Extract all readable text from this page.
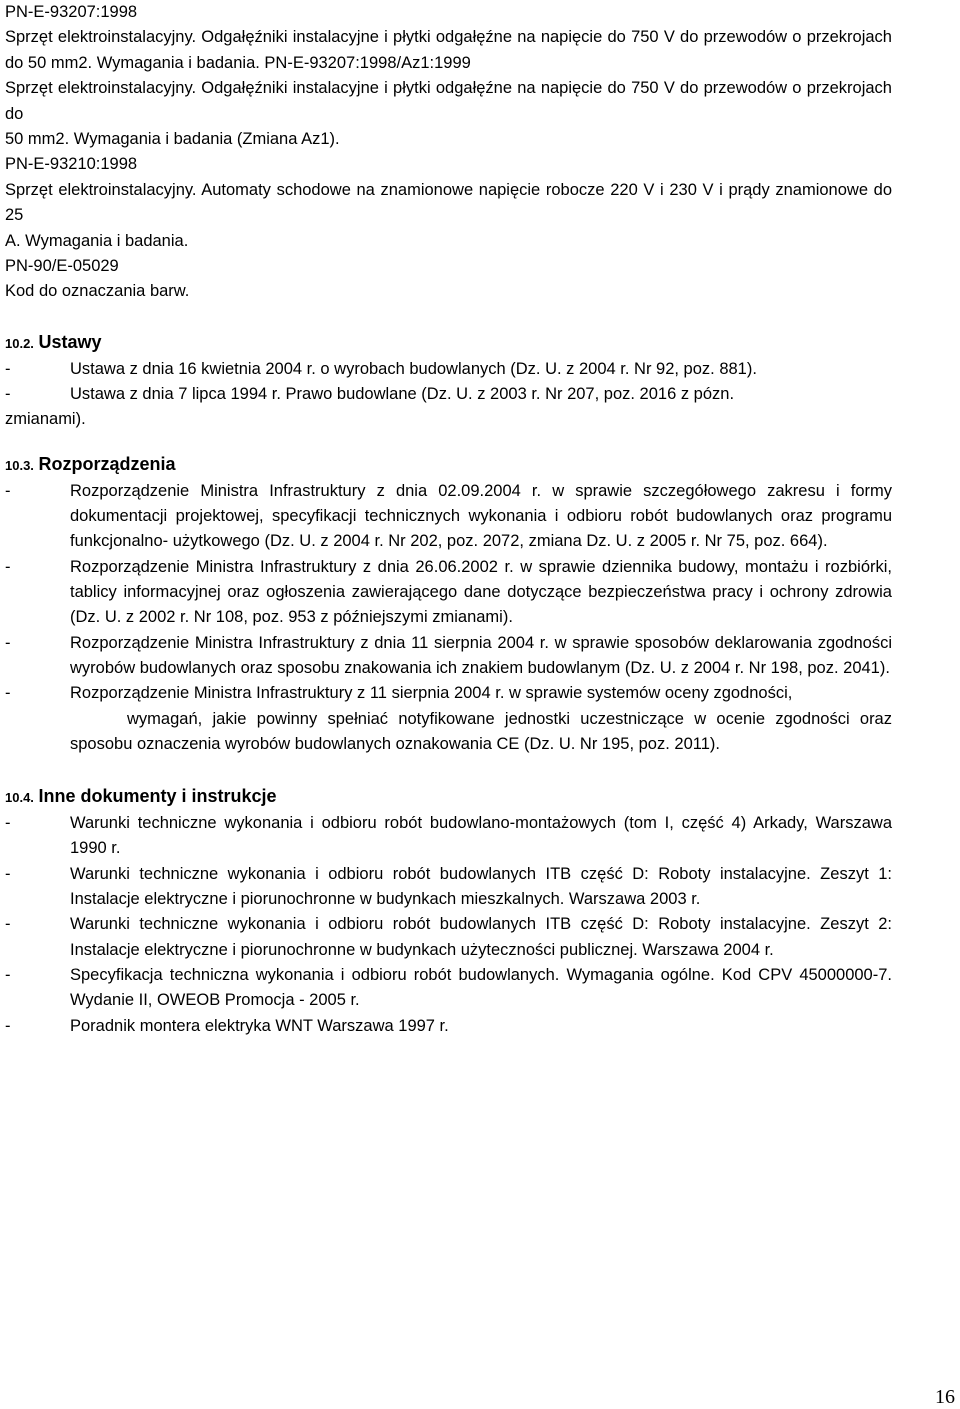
PN-E-93207:1998

Sprzęt elektroinstalacyjny. Odgałęźniki instalacyjne i płytki odgałęźne na napięcie do 750 V do przewodów o przekrojach do 50 mm2. Wymagania i badania. PN-E-93207:1998/Az1:1999

Sprzęt elektroinstalacyjny. Odgałęźniki instalacyjne i płytki odgałęźne na napięcie do 750 V do przewodów o przekrojach do

50 mm2. Wymagania i badania (Zmiana Az1).

PN-E-93210:1998

Sprzęt elektroinstalacyjny. Automaty schodowe na znamionowe napięcie robocze 220 V i 230 V i prądy znamionowe do 25

A. Wymagania i badania.

PN-90/E-05029

Kod do oznaczania barw.

10.2. Ustawy

-	Ustawa z dnia 16 kwietnia 2004 r. o wyrobach budowlanych (Dz. U. z 2004 r. Nr 92, poz. 881).
-	Ustawa z dnia 7 lipca 1994 r. Prawo budowlane (Dz. U. z 2003 r. Nr 207, poz. 2016 z pózn.

zmianami).

10.3. Rozporządzenia

-	Rozporządzenie Ministra Infrastruktury z dnia 02.09.2004 r. w sprawie szczegółowego zakresu i formy dokumentacji projektowej, specyfikacji technicznych wykonania i odbioru robót budowlanych oraz programu funkcjonalno- użytkowego (Dz. U. z 2004 r. Nr 202, poz. 2072, zmiana Dz. U. z 2005 r. Nr 75, poz. 664).
-	Rozporządzenie Ministra Infrastruktury z dnia 26.06.2002 r. w sprawie dziennika budowy, montażu i rozbiórki, tablicy informacyjnej oraz ogłoszenia zawierającego dane dotyczące bezpieczeństwa pracy i ochrony zdrowia (Dz. U. z 2002 r. Nr 108, poz. 953 z późniejszymi zmianami).
-	Rozporządzenie Ministra Infrastruktury z dnia 11 sierpnia 2004 r. w sprawie sposobów deklarowania zgodności wyrobów budowlanych oraz sposobu znakowania ich znakiem budowlanym (Dz. U. z 2004 r. Nr 198, poz. 2041).
-	Rozporządzenie Ministra Infrastruktury z 11 sierpnia 2004 r. w sprawie systemów oceny zgodności,
wymagań, jakie powinny spełniać notyfikowane jednostki uczestniczące w ocenie zgodności oraz sposobu oznaczenia wyrobów budowlanych oznakowania CE (Dz. U. Nr 195, poz. 2011).

10.4. Inne dokumenty i instrukcje

-	Warunki techniczne wykonania i odbioru robót budowlano-montażowych (tom I, część 4) Arkady, Warszawa 1990 r.
-	Warunki techniczne wykonania i odbioru robót budowlanych ITB część D: Roboty instalacyjne. Zeszyt 1: Instalacje elektryczne i piorunochronne w budynkach mieszkalnych. Warszawa 2003 r.
-	Warunki techniczne wykonania i odbioru robót budowlanych ITB część D: Roboty instalacyjne. Zeszyt 2: Instalacje elektryczne i piorunochronne w budynkach użyteczności publicznej. Warszawa 2004 r.
-	Specyfikacja techniczna wykonania i odbioru robót budowlanych. Wymagania ogólne. Kod CPV 45000000-7. Wydanie II, OWEOB Promocja - 2005 r.
-	Poradnik montera elektryka WNT Warszawa 1997 r.
16
